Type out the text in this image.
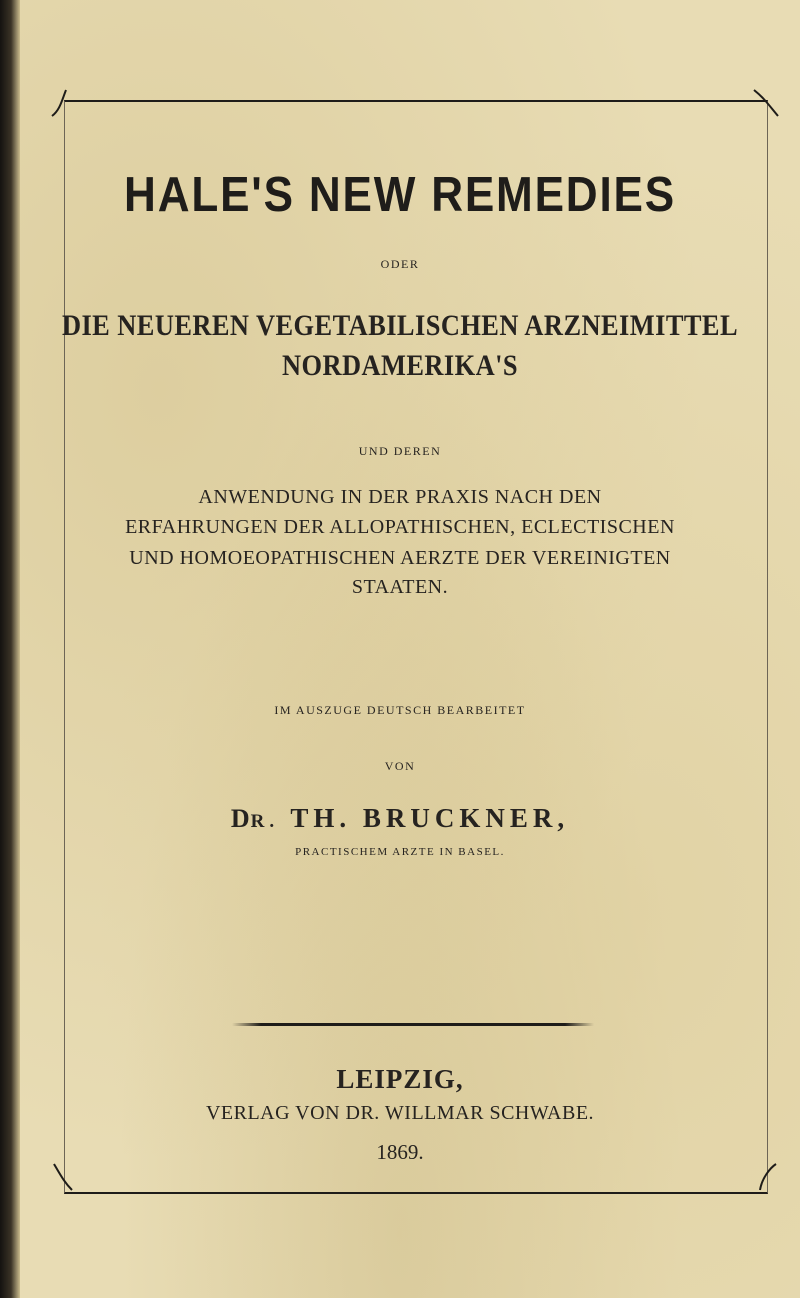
HALE'S NEW REMEDIES
ODER
DIE NEUEREN VEGETABILISCHEN ARZNEIMITTEL
NORDAMERIKA'S
UND DEREN
ANWENDUNG IN DER PRAXIS NACH DEN
ERFAHRUNGEN DER ALLOPATHISCHEN, ECLECTISCHEN
UND HOMOEOPATHISCHEN AERZTE DER VEREINIGTEN
STAATEN.
IM AUSZUGE DEUTSCH BEARBEITET
VON
DR. TH. BRUCKNER,
PRACTISCHEM ARZTE IN BASEL.
LEIPZIG,
VERLAG VON DR. WILLMAR SCHWABE.
1869.
